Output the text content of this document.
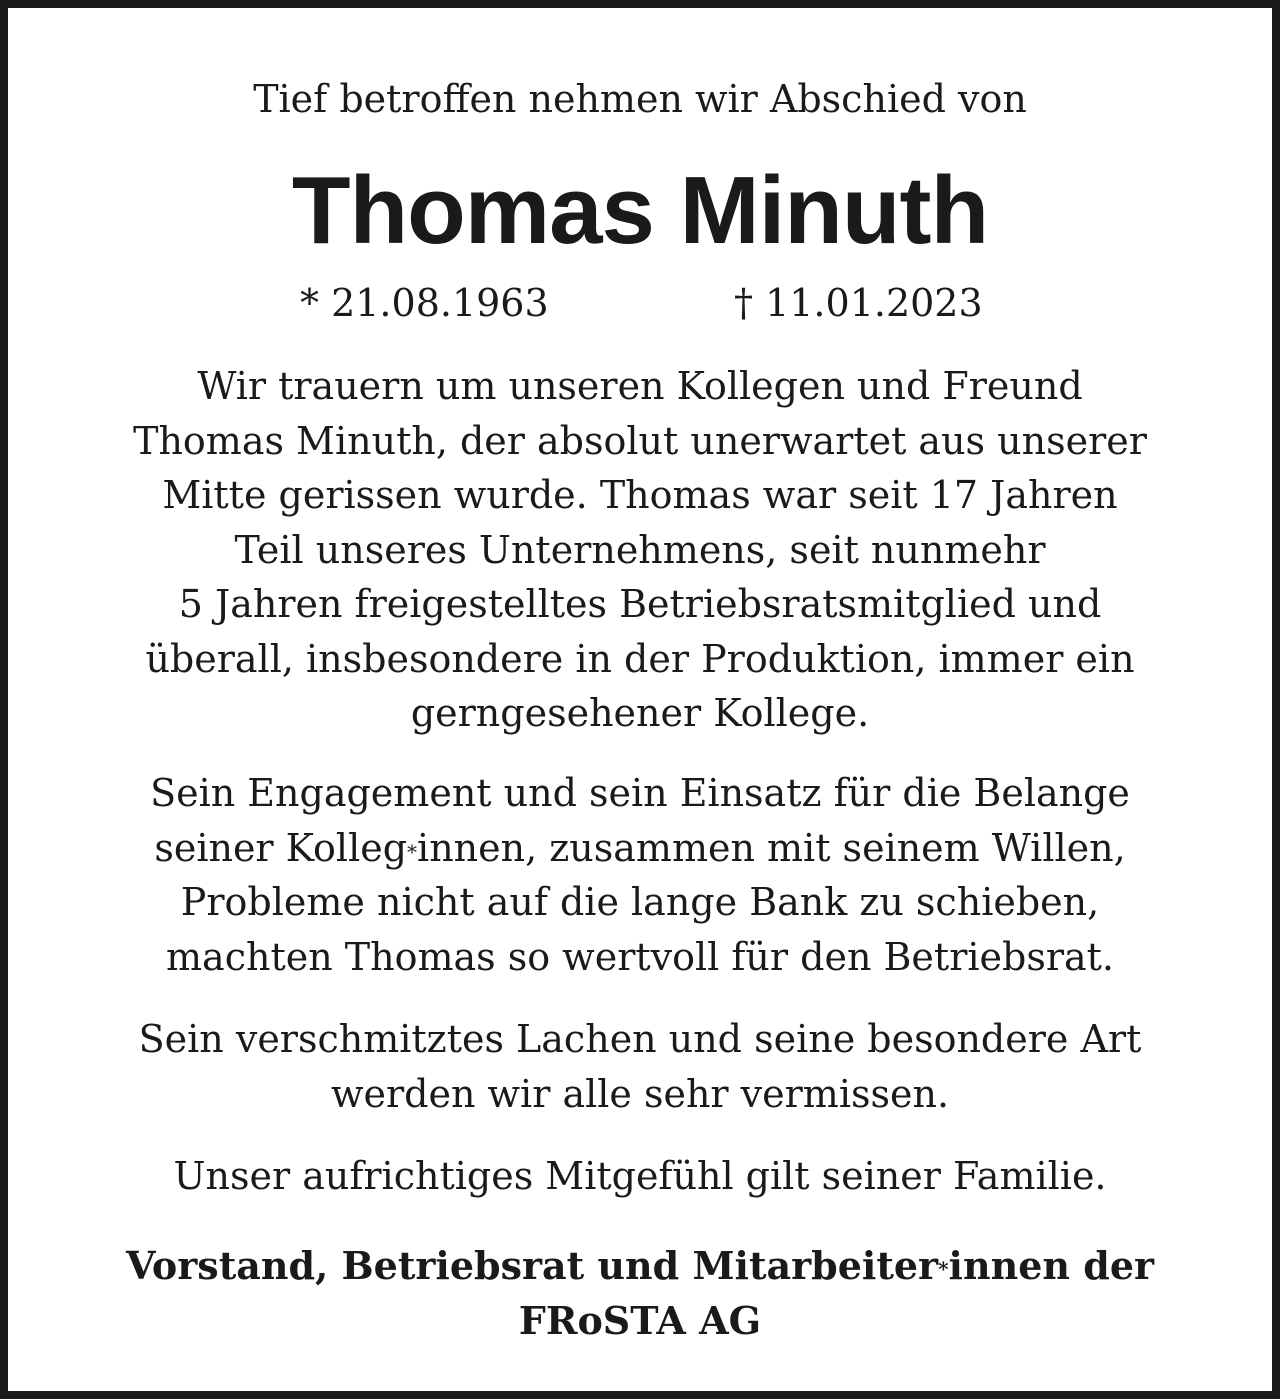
Tief betroffen nehmen wir Abschied von

Thomas Minuth
* 21.08.1963	† 11.01.2023

Wir trauern um unseren Kollegen und Freund
Thomas Minuth, der absolut unerwartet aus unserer
Mitte gerissen wurde. Thomas war seit 17 Jahren
Teil unseres Unternehmens, seit nunmehr
5 Jahren freigestelltes Betriebsratsmitglied und
überall, insbesondere in der Produktion, immer ein
gerngesehener Kollege.

Sein Engagement und sein Einsatz für die Belange
seiner Kolleg*innen, zusammen mit seinem Willen,
Probleme nicht auf die lange Bank zu schieben,
machten Thomas so wertvoll für den Betriebsrat.

Sein verschmitztes Lachen und seine besondere Art
werden wir alle sehr vermissen.

Unser aufrichtiges Mitgefühl gilt seiner Familie.

Vorstand, Betriebsrat und Mitarbeiter*innen der
FRoSTA AG
